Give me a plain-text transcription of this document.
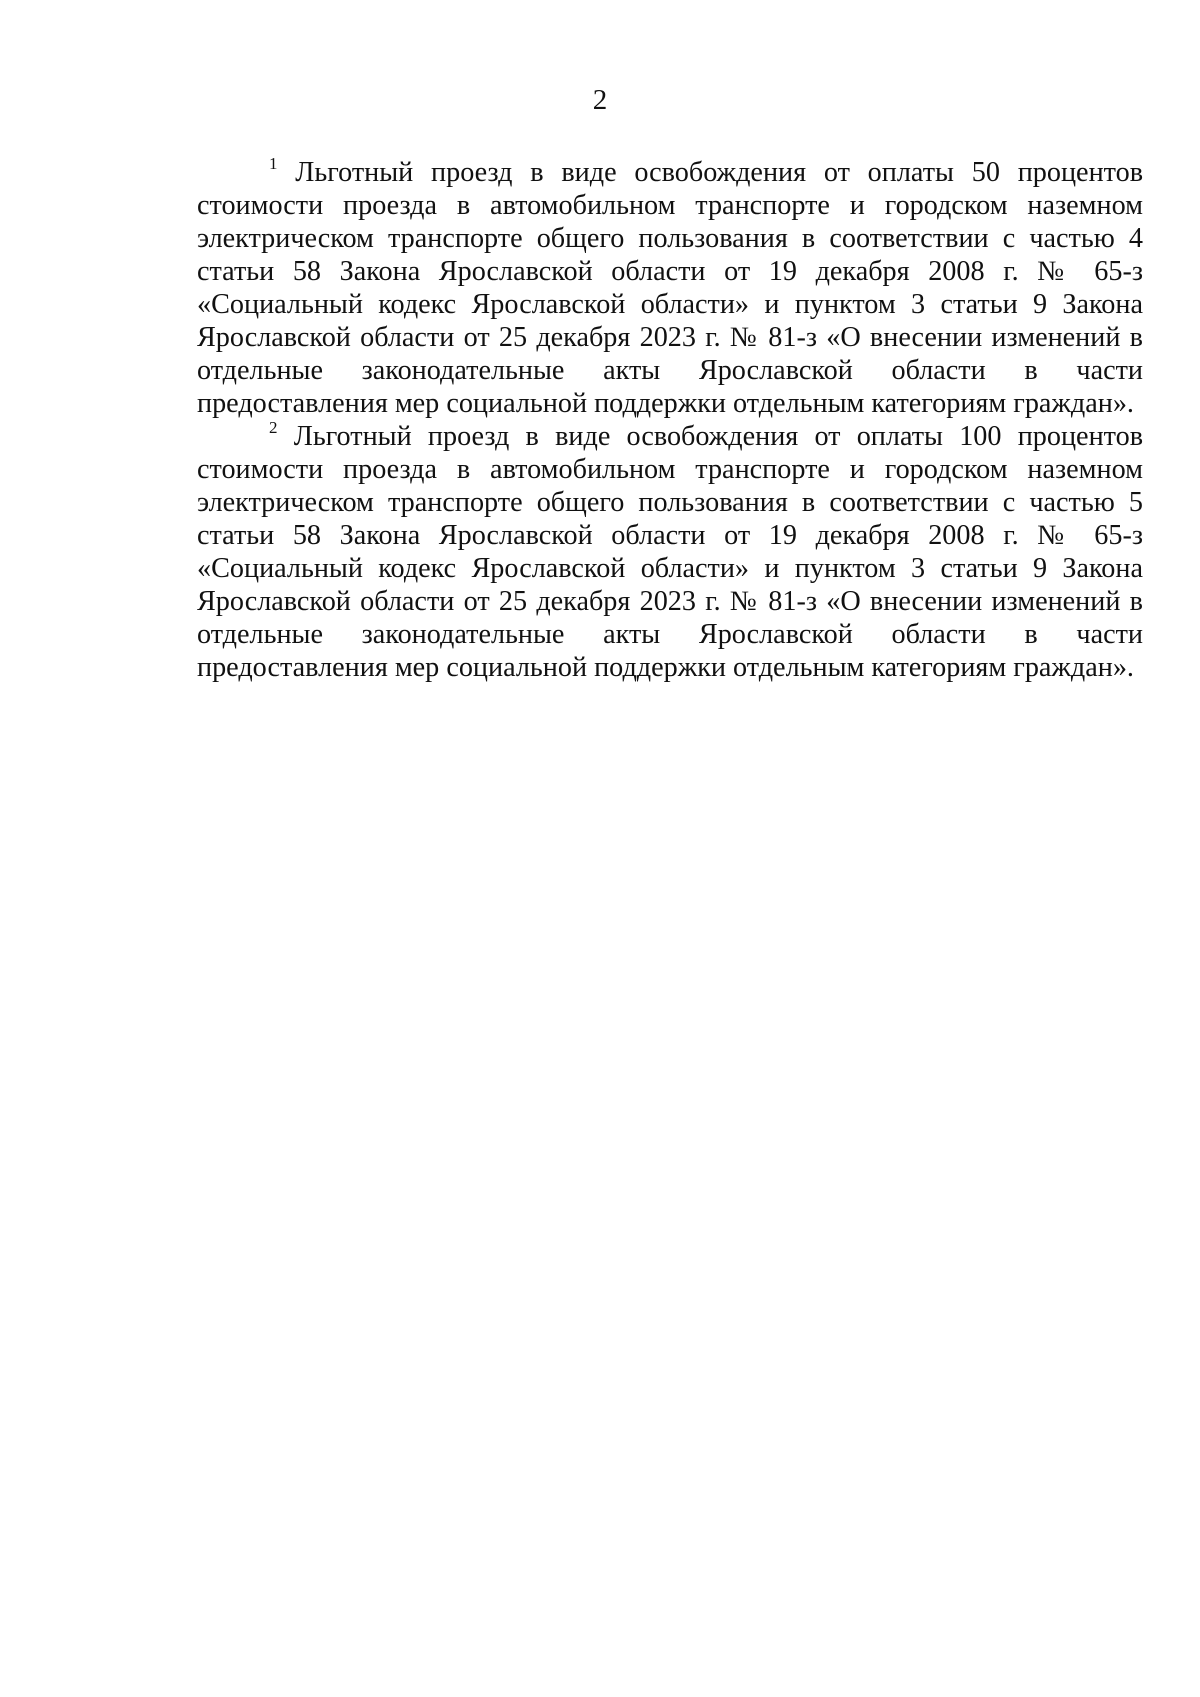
2

$^1$ Льготный проезд в виде освобождения от оплаты 50 процентов стоимости проезда в автомобильном транспорте и городском наземном электрическом транспорте общего пользования в соответствии с частью 4 статьи 58 Закона Ярославской области от 19 декабря 2008 г. № 65-з «Социальный кодекс Ярославской области» и пунктом 3 статьи 9 Закона Ярославской области от 25 декабря 2023 г. № 81-з «О внесении изменений в отдельные законодательные акты Ярославской области в части предоставления мер социальной поддержки отдельным категориям граждан».

$^2$ Льготный проезд в виде освобождения от оплаты 100 процентов стоимости проезда в автомобильном транспорте и городском наземном электрическом транспорте общего пользования в соответствии с частью 5 статьи 58 Закона Ярославской области от 19 декабря 2008 г. № 65-з «Социальный кодекс Ярославской области» и пунктом 3 статьи 9 Закона Ярославской области от 25 декабря 2023 г. № 81-з «О внесении изменений в отдельные законодательные акты Ярославской области в части предоставления мер социальной поддержки отдельным категориям граждан».
